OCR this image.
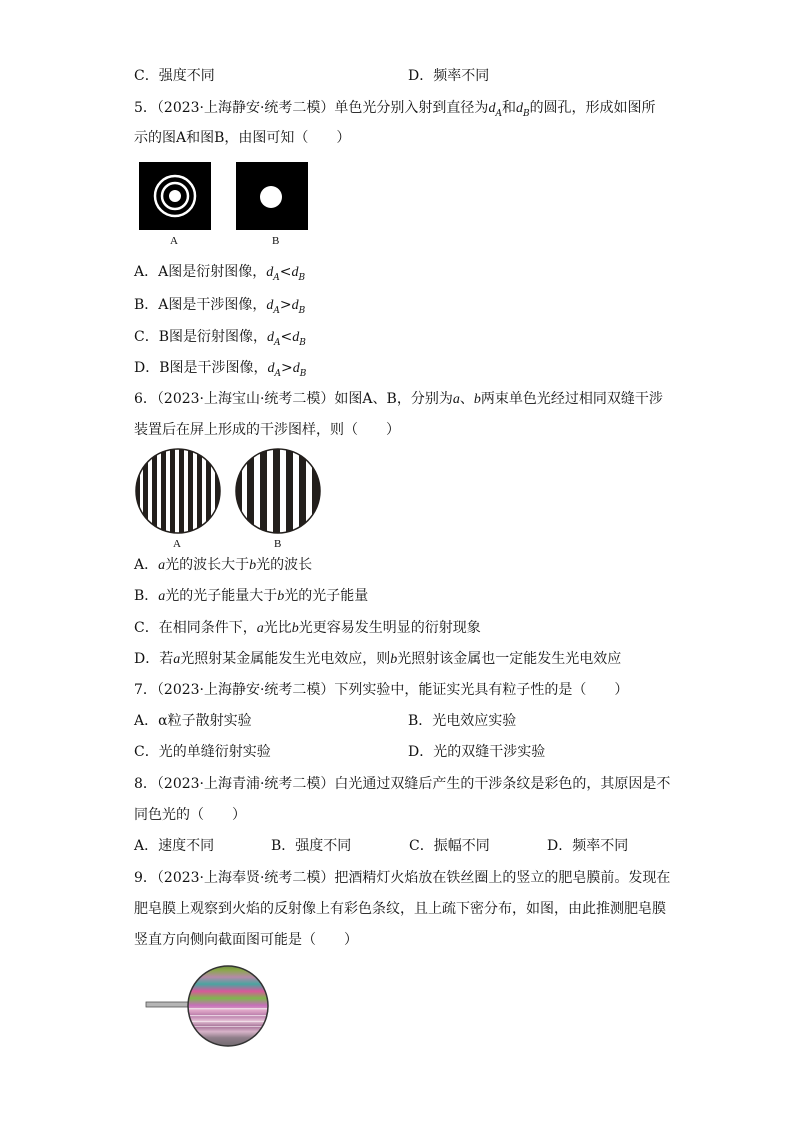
C．强度不同	D．频率不同
5．（2023·上海静安·统考二模）单色光分别入射到直径为$d_A$和$d_B$的圆孔，形成如图所
示的图A和图B，由图可知（　　）
A	B
A．A图是衍射图像，$d_A<d_B$
B．A图是干涉图像，$d_A>d_B$
C．B图是衍射图像，$d_A<d_B$
D．B图是干涉图像，$d_A>d_B$
6．（2023·上海宝山·统考二模）如图A、B，分别为a、b两束单色光经过相同双缝干涉
装置后在屏上形成的干涉图样，则（　　）
A	B
A．a光的波长大于b光的波长
B．a光的光子能量大于b光的光子能量
C．在相同条件下，a光比b光更容易发生明显的衍射现象
D．若a光照射某金属能发生光电效应，则b光照射该金属也一定能发生光电效应
7．（2023·上海静安·统考二模）下列实验中，能证实光具有粒子性的是（　　）
A．α粒子散射实验	B．光电效应实验
C．光的单缝衍射实验	D．光的双缝干涉实验
8．（2023·上海青浦·统考二模）白光通过双缝后产生的干涉条纹是彩色的，其原因是不
同色光的（　　）
A．速度不同	B．强度不同	C．振幅不同	D．频率不同
9．（2023·上海奉贤·统考二模）把酒精灯火焰放在铁丝圈上的竖立的肥皂膜前。发现在
肥皂膜上观察到火焰的反射像上有彩色条纹，且上疏下密分布，如图，由此推测肥皂膜
竖直方向侧向截面图可能是（　　）
